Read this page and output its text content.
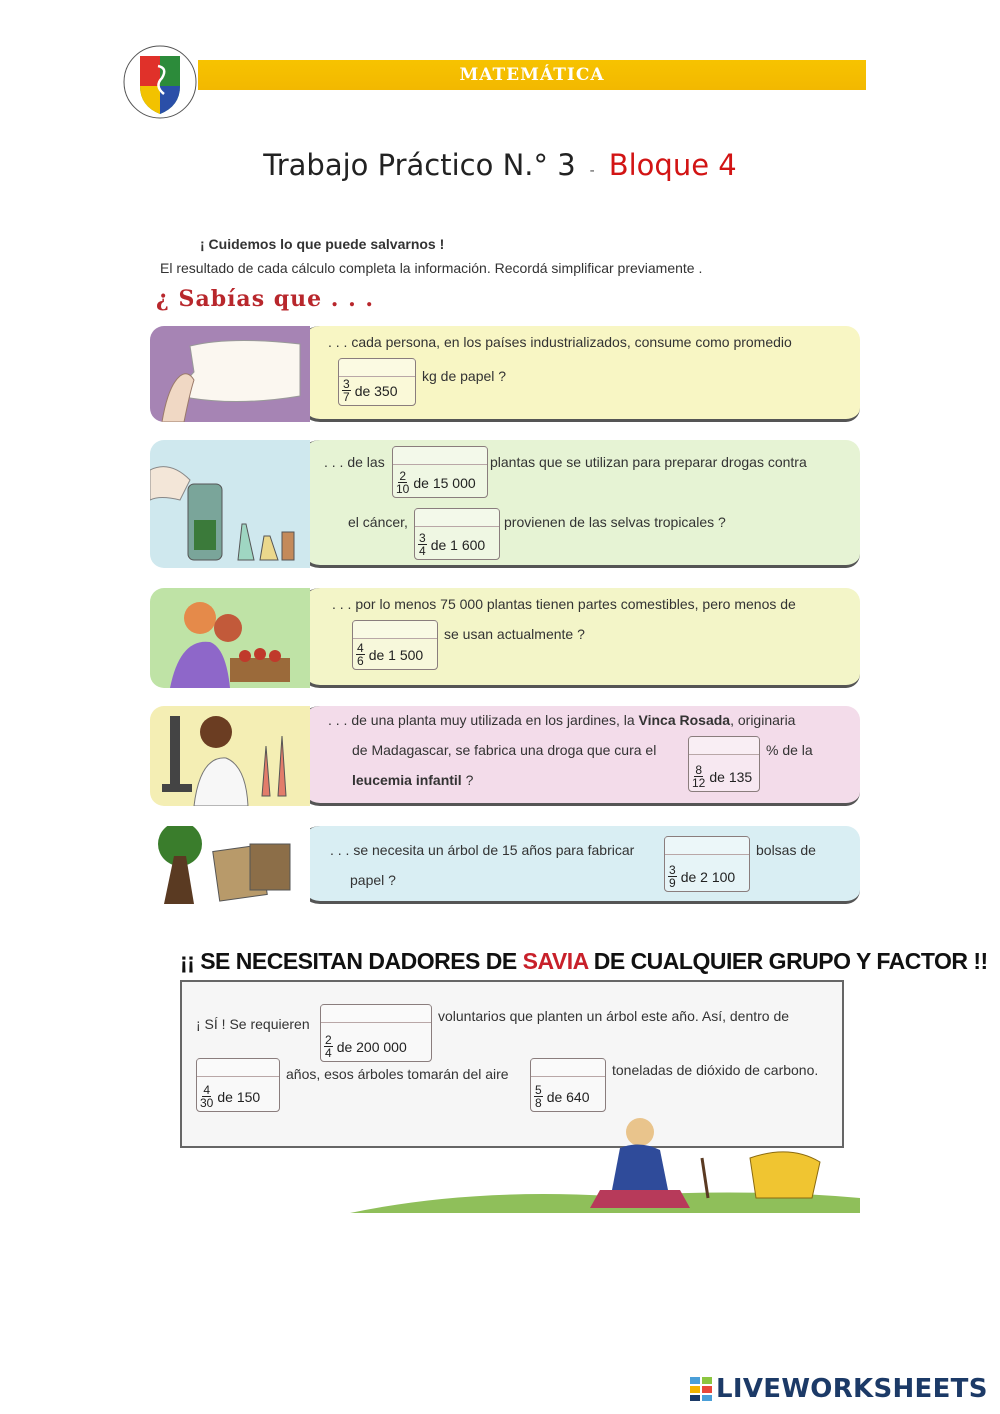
MATEMÁTICA
Trabajo Práctico N.° 3 - Bloque 4
¡ Cuidemos lo que puede salvarnos !
El resultado de cada cálculo completa la información. Recordá simplificar previamente .
¿ Sabías que . . .
. . . cada persona, en los países industrializados, consume como promedio
$\frac{3}{7}$ de 350
kg de papel ?
. . . de las
$\frac{2}{10}$ de 15 000
plantas que se utilizan para preparar drogas contra
el cáncer,
$\frac{3}{4}$ de 1 600
provienen de las selvas tropicales ?
. . . por lo menos 75 000 plantas tienen partes comestibles, pero menos de
$\frac{4}{6}$ de 1 500
se usan actualmente ?
. . . de una planta muy utilizada en los jardines, la Vinca Rosada, originaria
de Madagascar, se fabrica una droga que cura el
$\frac{8}{12}$ de 135
% de la
leucemia infantil ?
. . . se necesita un árbol de 15 años para fabricar
$\frac{3}{9}$ de 2 100
bolsas de
papel ?
¡¡ SE NECESITAN DADORES DE SAVIA DE CUALQUIER GRUPO Y FACTOR !!
¡ SÍ ! Se requieren
$\frac{2}{4}$ de 200 000
voluntarios que planten un árbol este año. Así, dentro de
$\frac{4}{30}$ de 150
años, esos árboles tomarán del aire
$\frac{5}{8}$ de 640
toneladas de dióxido de carbono.
LIVEWORKSHEETS
